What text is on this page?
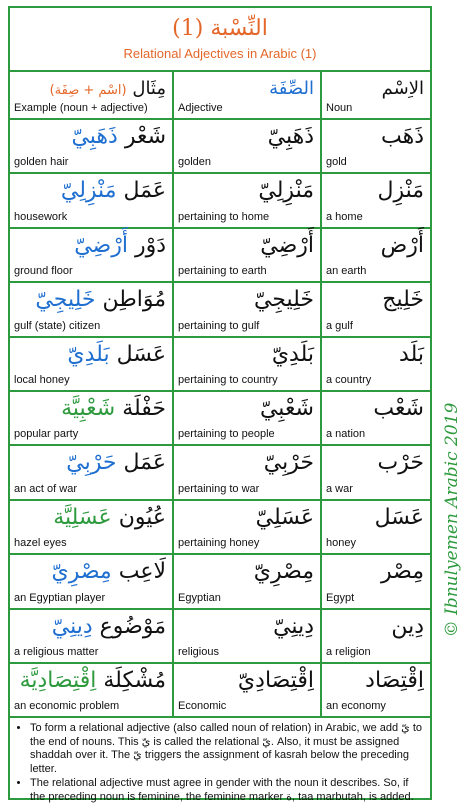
النِّسْبة (1)
Relational Adjectives in Arabic (1)
مِثَال (اسْم + صِفَة)
Example (noun + adjective)
الصِّفَة
Adjective
الاِسْم
Noun
شَعْر ذَهَبِيّ
golden hair
ذَهَبِيّ
golden
ذَهَب
gold
عَمَل مَنْزِلِيّ
housework
مَنْزِلِيّ
pertaining to home
مَنْزِل
a home
دَوْر أَرْضِيّ
ground floor
أَرْضِيّ
pertaining to earth
أَرْض
an earth
مُوَاطِن خَلِيجِيّ
gulf (state) citizen
خَلِيجِيّ
pertaining to gulf
خَلِيج
a gulf
عَسَل بَلَدِيّ
local honey
بَلَدِيّ
pertaining to country
بَلَد
a country
حَفْلَة شَعْبِيَّة
popular party
شَعْبِيّ
pertaining to people
شَعْب
a nation
عَمَل حَرْبِيّ
an act of war
حَرْبِيّ
pertaining to war
حَرْب
a war
عُيُون عَسَلِيَّة
hazel eyes
عَسَلِيّ
pertaining honey
عَسَل
honey
لَاعِب مِصْرِيّ
an Egyptian player
مِصْرِيّ
Egyptian
مِصْر
Egypt
مَوْضُوع دِينِيّ
a religious matter
دِينِيّ
religious
دِين
a religion
مُشْكِلَة اِقْتِصَادِيَّة
an economic problem
اِقْتِصَادِيّ
Economic
اِقْتِصَاد
an economy
• To form a relational adjective (also called noun of relation) in Arabic, we add يّ to the end of nouns. This يّ is called the relational يّ. Also, it must be assigned shaddah over it. The يّ triggers the assignment of kasrah below the preceding letter.
• The relational adjective must agree in gender with the noun it describes. So, if the preceding noun is feminine, the feminine marker ة, taa marbutah, is added.
© Ibnulyemen Arabic 2019
